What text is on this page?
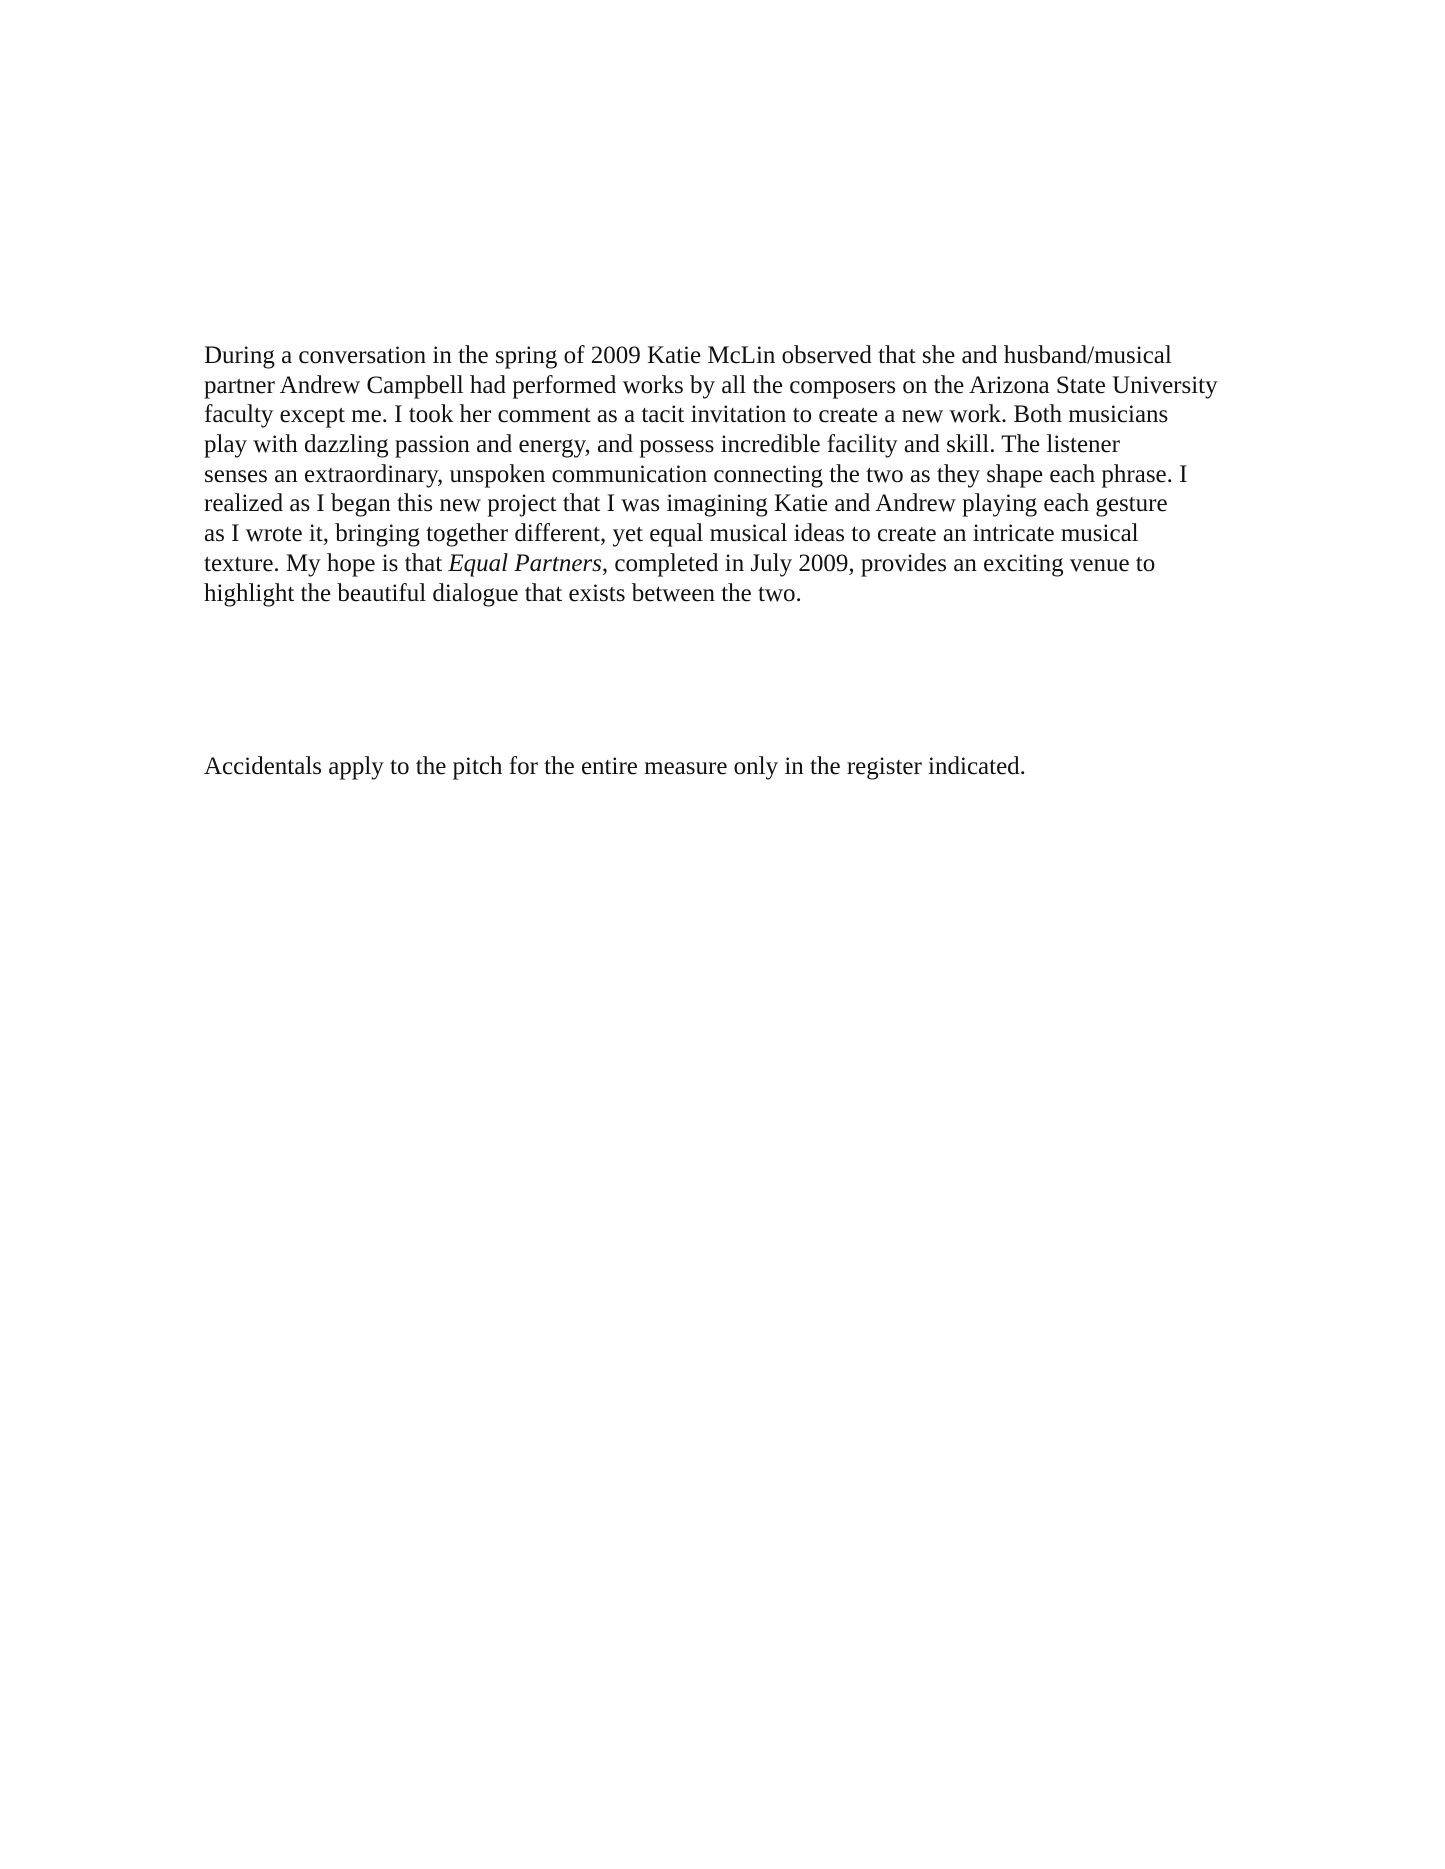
During a conversation in the spring of 2009 Katie McLin observed that she and husband/musical
partner Andrew Campbell had performed works by all the composers on the Arizona State University
faculty except me. I took her comment as a tacit invitation to create a new work. Both musicians
play with dazzling passion and energy, and possess incredible facility and skill. The listener
senses an extraordinary, unspoken communication connecting the two as they shape each phrase. I
realized as I began this new project that I was imagining Katie and Andrew playing each gesture
as I wrote it, bringing together different, yet equal musical ideas to create an intricate musical
texture. My hope is that Equal Partners, completed in July 2009, provides an exciting venue to
highlight the beautiful dialogue that exists between the two.

Accidentals apply to the pitch for the entire measure only in the register indicated.
